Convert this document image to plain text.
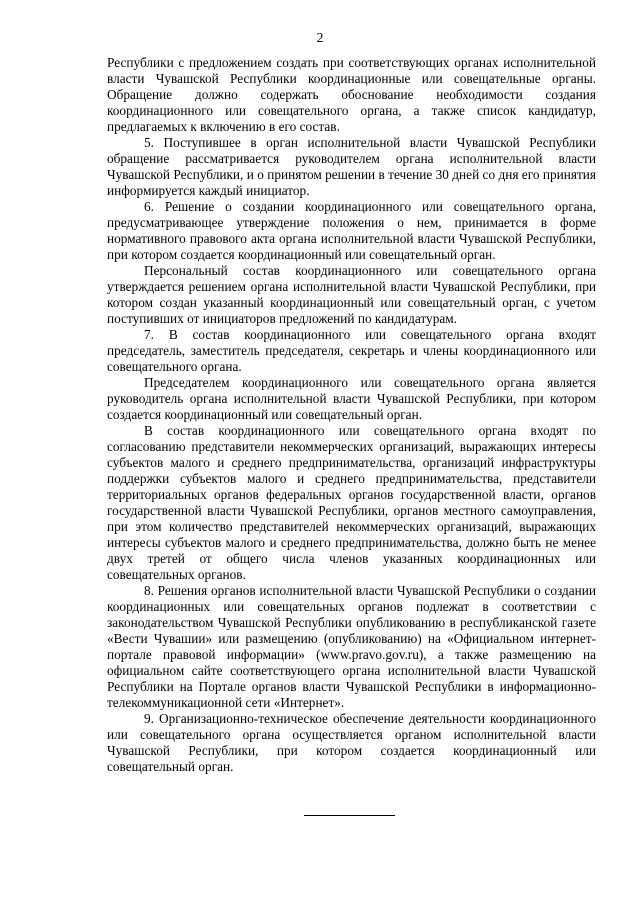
2

Республики с предложением создать при соответствующих органах исполнительной власти Чувашской Республики координационные или совещательные органы. Обращение должно содержать обоснование необходимости создания координационного или совещательного органа, а также список кандидатур, предлагаемых к включению в его состав.

5. Поступившее в орган исполнительной власти Чувашской Республики обращение рассматривается руководителем органа исполнительной власти Чувашской Республики, и о принятом решении в течение 30 дней со дня его принятия информируется каждый инициатор.

6. Решение о создании координационного или совещательного органа, предусматривающее утверждение положения о нем, принимается в форме нормативного правового акта органа исполнительной власти Чувашской Республики, при котором создается координационный или совещательный орган.

Персональный состав координационного или совещательного органа утверждается решением органа исполнительной власти Чувашской Республики, при котором создан указанный координационный или совещательный орган, с учетом поступивших от инициаторов предложений по кандидатурам.

7. В состав координационного или совещательного органа входят председатель, заместитель председателя, секретарь и члены координационного или совещательного органа.

Председателем координационного или совещательного органа является руководитель органа исполнительной власти Чувашской Республики, при котором создается координационный или совещательный орган.

В состав координационного или совещательного органа входят по согласованию представители некоммерческих организаций, выражающих интересы субъектов малого и среднего предпринимательства, организаций инфраструктуры поддержки субъектов малого и среднего предпринимательства, представители территориальных органов федеральных органов государственной власти, органов государственной власти Чувашской Республики, органов местного самоуправления, при этом количество представителей некоммерческих организаций, выражающих интересы субъектов малого и среднего предпринимательства, должно быть не менее двух третей от общего числа членов указанных координационных или совещательных органов.

8. Решения органов исполнительной власти Чувашской Республики о создании координационных или совещательных органов подлежат в соответствии с законодательством Чувашской Республики опубликованию в республиканской газете «Вести Чувашии» или размещению (опубликованию) на «Официальном интернет-портале правовой информации» (www.pravo.gov.ru), а также размещению на официальном сайте соответствующего органа исполнительной власти Чувашской Республики на Портале органов власти Чувашской Республики в информационно-телекоммуникационной сети «Интернет».

9. Организационно-техническое обеспечение деятельности координационного или совещательного органа осуществляется органом исполнительной власти Чувашской Республики, при котором создается координационный или совещательный орган.
